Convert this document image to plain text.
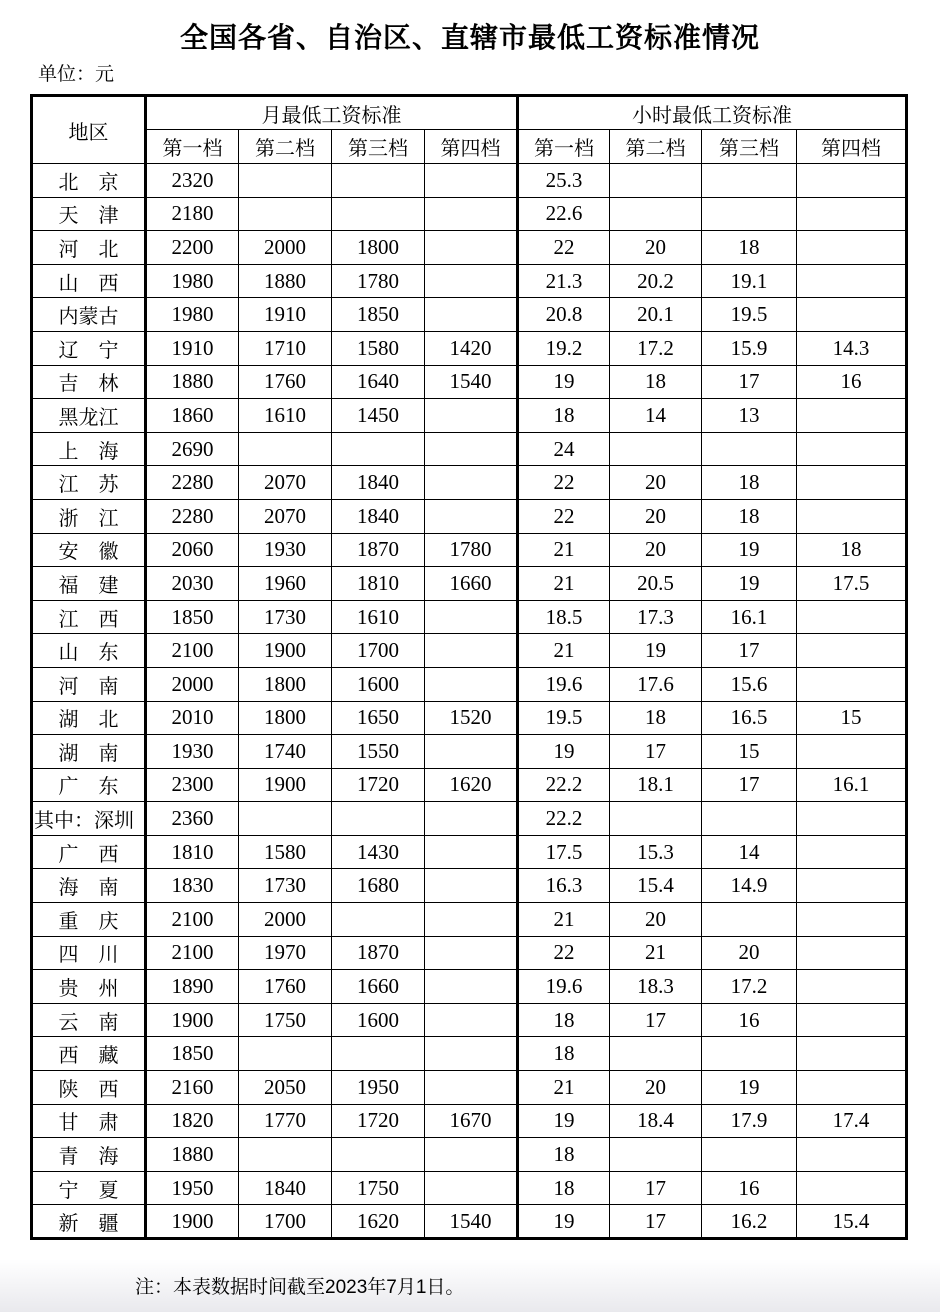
全国各省、自治区、直辖市最低工资标准情况
单位：元
地区	月最低工资标准				小时最低工资标准			
	第一档	第二档	第三档	第四档	第一档	第二档	第三档	第四档
北　京	2320				25.3			
天　津	2180				22.6			
河　北	2200	2000	1800		22	20	18	
山　西	1980	1880	1780		21.3	20.2	19.1	
内蒙古	1980	1910	1850		20.8	20.1	19.5	
辽　宁	1910	1710	1580	1420	19.2	17.2	15.9	14.3
吉　林	1880	1760	1640	1540	19	18	17	16
黑龙江	1860	1610	1450		18	14	13	
上　海	2690				24			
江　苏	2280	2070	1840		22	20	18	
浙　江	2280	2070	1840		22	20	18	
安　徽	2060	1930	1870	1780	21	20	19	18
福　建	2030	1960	1810	1660	21	20.5	19	17.5
江　西	1850	1730	1610		18.5	17.3	16.1	
山　东	2100	1900	1700		21	19	17	
河　南	2000	1800	1600		19.6	17.6	15.6	
湖　北	2010	1800	1650	1520	19.5	18	16.5	15
湖　南	1930	1740	1550		19	17	15	
广　东	2300	1900	1720	1620	22.2	18.1	17	16.1
其中：深圳	2360				22.2			
广　西	1810	1580	1430		17.5	15.3	14	
海　南	1830	1730	1680		16.3	15.4	14.9	
重　庆	2100	2000			21	20		
四　川	2100	1970	1870		22	21	20	
贵　州	1890	1760	1660		19.6	18.3	17.2	
云　南	1900	1750	1600		18	17	16	
西　藏	1850				18			
陕　西	2160	2050	1950		21	20	19	
甘　肃	1820	1770	1720	1670	19	18.4	17.9	17.4
青　海	1880				18			
宁　夏	1950	1840	1750		18	17	16	
新　疆	1900	1700	1620	1540	19	17	16.2	15.4
注：本表数据时间截至2023年7月1日。
